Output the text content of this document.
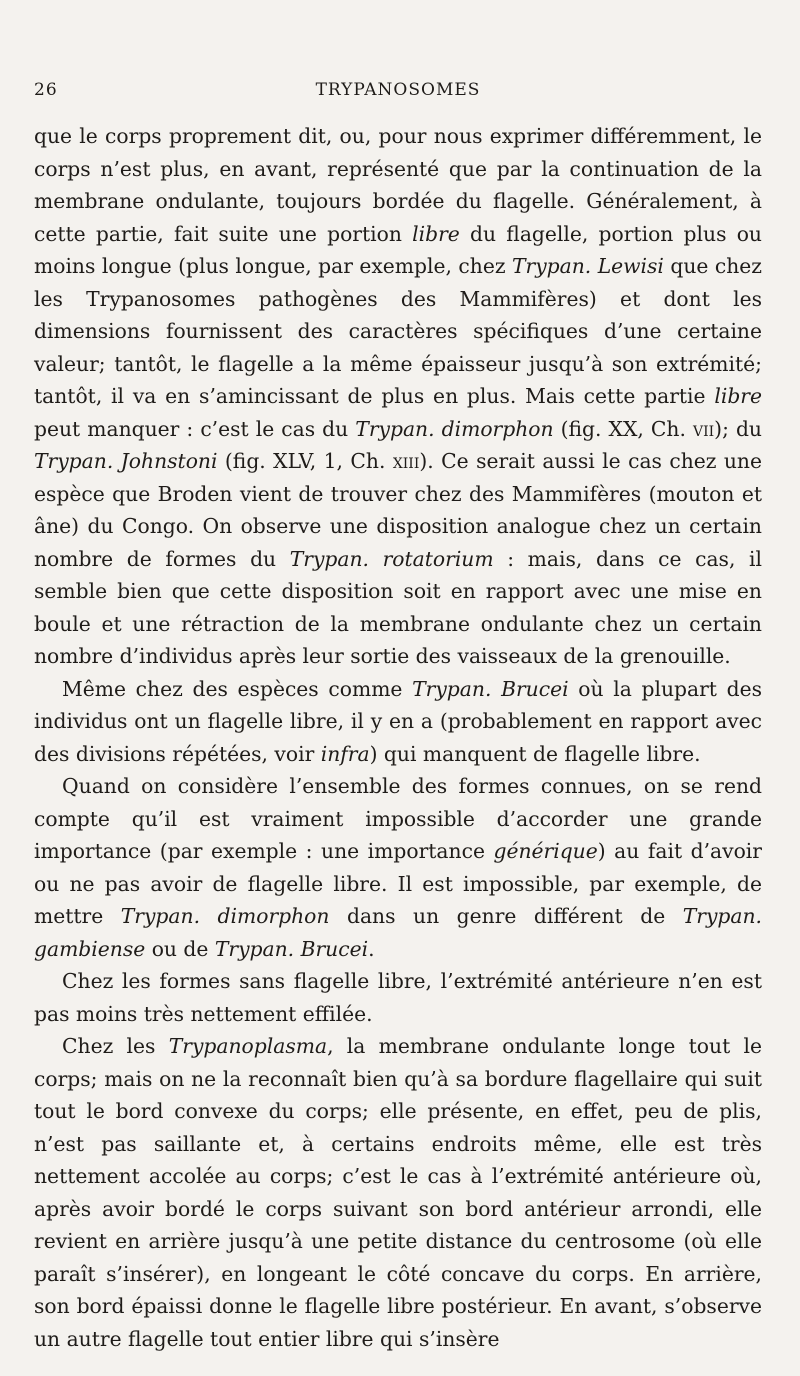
26	TRYPANOSOMES

que le corps proprement dit, ou, pour nous exprimer différemment, le corps n’est plus, en avant, représenté que par la continuation de la membrane ondulante, toujours bordée du flagelle. Généralement, à cette partie, fait suite une portion libre du flagelle, portion plus ou moins longue (plus longue, par exemple, chez Trypan. Lewisi que chez les Trypanosomes pathogènes des Mammifères) et dont les dimensions fournissent des caractères spécifiques d’une certaine valeur; tantôt, le flagelle a la même épaisseur jusqu’à son extrémité; tantôt, il va en s’amincissant de plus en plus. Mais cette partie libre peut manquer : c’est le cas du Trypan. dimorphon (fig. XX, Ch. vii); du Trypan. Johnstoni (fig. XLV, 1, Ch. xiii). Ce serait aussi le cas chez une espèce que Broden vient de trouver chez des Mammifères (mouton et âne) du Congo. On observe une disposition analogue chez un certain nombre de formes du Trypan. rotatorium : mais, dans ce cas, il semble bien que cette disposition soit en rapport avec une mise en boule et une rétraction de la membrane ondulante chez un certain nombre d’individus après leur sortie des vaisseaux de la grenouille.

Même chez des espèces comme Trypan. Brucei où la plupart des individus ont un flagelle libre, il y en a (probablement en rapport avec des divisions répétées, voir infra) qui manquent de flagelle libre.

Quand on considère l’ensemble des formes connues, on se rend compte qu’il est vraiment impossible d’accorder une grande importance (par exemple : une importance générique) au fait d’avoir ou ne pas avoir de flagelle libre. Il est impossible, par exemple, de mettre Trypan. dimorphon dans un genre différent de Trypan. gambiense ou de Trypan. Brucei.

Chez les formes sans flagelle libre, l’extrémité antérieure n’en est pas moins très nettement effilée.

Chez les Trypanoplasma, la membrane ondulante longe tout le corps; mais on ne la reconnaît bien qu’à sa bordure flagellaire qui suit tout le bord convexe du corps; elle présente, en effet, peu de plis, n’est pas saillante et, à certains endroits même, elle est très nettement accolée au corps; c’est le cas à l’extrémité antérieure où, après avoir bordé le corps suivant son bord antérieur arrondi, elle revient en arrière jusqu’à une petite distance du centrosome (où elle paraît s’insérer), en longeant le côté concave du corps. En arrière, son bord épaissi donne le flagelle libre postérieur. En avant, s’observe un autre flagelle tout entier libre qui s’insère
